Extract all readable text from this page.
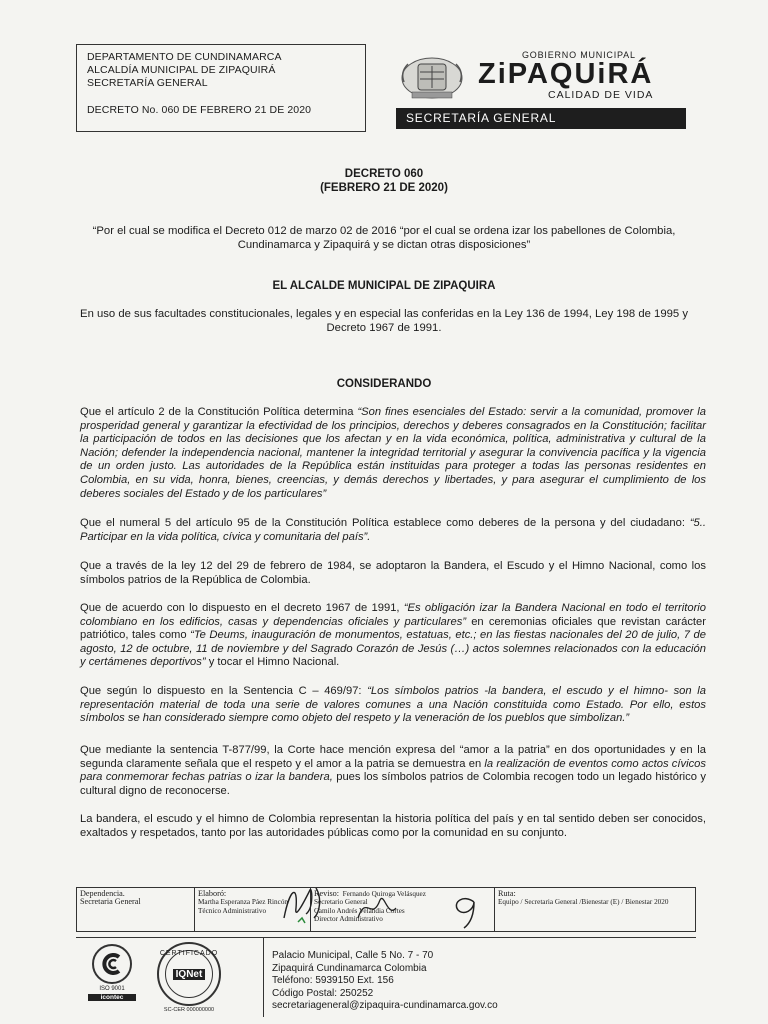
DEPARTAMENTO DE CUNDINAMARCA
ALCALDÍA MUNICIPAL DE ZIPAQUIRÁ
SECRETARÍA GENERAL
DECRETO No. 060 DE FEBRERO 21 DE 2020
GOBIERNO MUNICIPAL
ZiPAQUiRÁ
CALIDAD DE VIDA
SECRETARÍA GENERAL
DECRETO 060
(FEBRERO 21 DE 2020)
“Por el cual se modifica el Decreto 012 de marzo 02 de 2016 “por el cual se ordena izar los pabellones de Colombia, Cundinamarca y Zipaquirá y se dictan otras disposiciones”
EL ALCALDE MUNICIPAL DE ZIPAQUIRA
En uso de sus facultades constitucionales, legales y en especial las conferidas en la Ley 136 de 1994, Ley 198 de 1995 y Decreto 1967 de 1991.
CONSIDERANDO
Que el artículo 2 de la Constitución Política determina “Son fines esenciales del Estado: servir a la comunidad, promover la prosperidad general y garantizar la efectividad de los principios, derechos y deberes consagrados en la Constitución; facilitar la participación de todos en las decisiones que los afectan y en la vida económica, política, administrativa y cultural de la Nación; defender la independencia nacional, mantener la integridad territorial y asegurar la convivencia pacífica y la vigencia de un orden justo. Las autoridades de la República están instituidas para proteger a todas las personas residentes en Colombia, en su vida, honra, bienes, creencias, y demás derechos y libertades, y para asegurar el cumplimiento de los deberes sociales del Estado y de los particulares”
Que el numeral 5 del artículo 95 de la Constitución Política establece como deberes de la persona y del ciudadano: “5.. Participar en la vida política, cívica y comunitaria del país”.
Que a través de la ley 12 del 29 de febrero de 1984, se adoptaron la Bandera, el Escudo y el Himno Nacional, como los símbolos patrios de la República de Colombia.
Que de acuerdo con lo dispuesto en el decreto 1967 de 1991, “Es obligación izar la Bandera Nacional en todo el territorio colombiano en los edificios, casas y dependencias oficiales y particulares” en ceremonias oficiales que revistan carácter patriótico, tales como “Te Deums, inauguración de monumentos, estatuas, etc.; en las fiestas nacionales del 20 de julio, 7 de agosto, 12 de octubre, 11 de noviembre y del Sagrado Corazón de Jesús (…) actos solemnes relacionados con la educación y certámenes deportivos” y tocar el Himno Nacional.
Que según lo dispuesto en la Sentencia C – 469/97: “Los símbolos patrios -la bandera, el escudo y el himno- son la representación material de toda una serie de valores comunes a una Nación constituida como Estado. Por ello, estos símbolos se han considerado siempre como objeto del respeto y la veneración de los pueblos que simbolizan.”
Que mediante la sentencia T-877/99, la Corte hace mención expresa del “amor a la patria” en dos oportunidades y en la segunda claramente señala que el respeto y el amor a la patria se demuestra en la realización de eventos como actos cívicos para conmemorar fechas patrias o izar la bandera, pues los símbolos patrios de Colombia recogen todo un legado histórico y cultural digno de reconocerse.
La bandera, el escudo y el himno de Colombia representan la historia política del país y en tal sentido deben ser conocidos, exaltados y respetados, tanto por las autoridades públicas como por la comunidad en su conjunto.
Dependencia.
Secretaria General
Elaboró:
Martha Esperanza Páez Rincón
Técnico Administrativo
Reviso: Fernando Quiroga Velásquez
Secretario General
Camilo Andrés Velandia Cortes
Director Administrativo
Ruta:
Equipo / Secretaria General /Bienestar (E) / Bienestar 2020
ISO 9001
icontec
CERTIFICADO
IQNet
SC-CER 000000000
Palacio Municipal, Calle 5 No. 7 - 70
Zipaquirá Cundinamarca Colombia
Teléfono: 5939150 Ext. 156
Código Postal: 250252
secretariageneral@zipaquira-cundinamarca.gov.co
